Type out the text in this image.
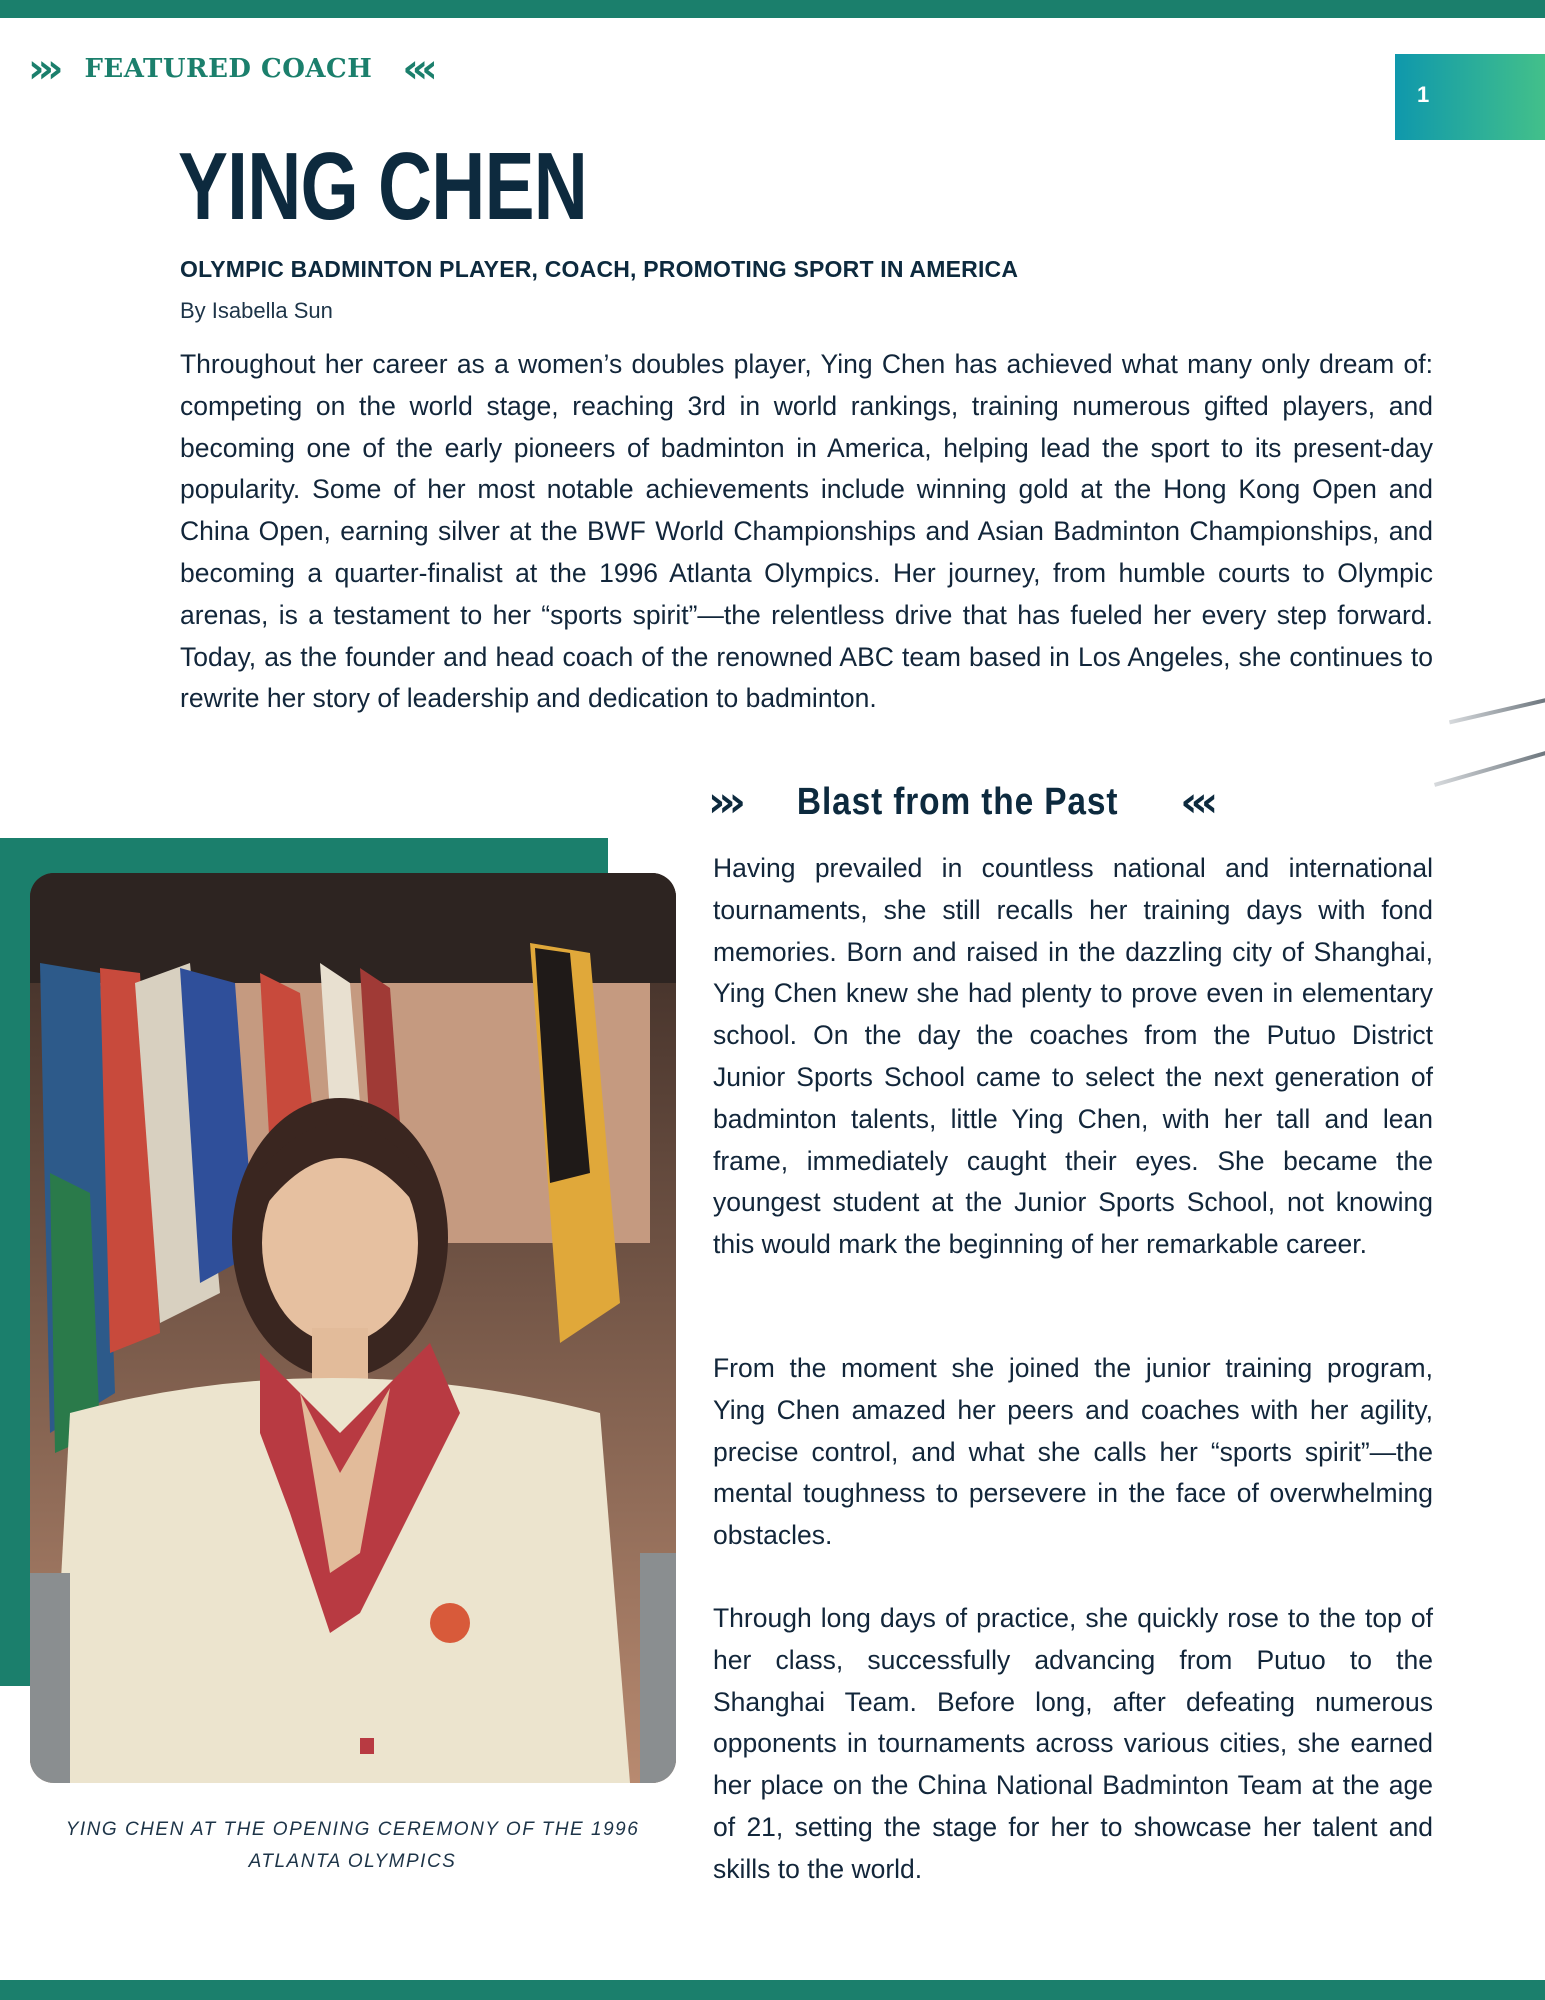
››› FEATURED COACH ‹‹‹
1
YING CHEN
OLYMPIC BADMINTON PLAYER, COACH, PROMOTING SPORT IN AMERICA
By Isabella Sun

Throughout her career as a women’s doubles player, Ying Chen has achieved what many only dream of: competing on the world stage, reaching 3rd in world rankings, training numerous gifted players, and becoming one of the early pioneers of badminton in America, helping lead the sport to its present-day popularity. Some of her most notable achievements include winning gold at the Hong Kong Open and China Open, earning silver at the BWF World Championships and Asian Badminton Championships, and becoming a quarter-finalist at the 1996 Atlanta Olympics. Her journey, from humble courts to Olympic arenas, is a testament to her “sports spirit”—the relentless drive that has fueled her every step forward. Today, as the founder and head coach of the renowned ABC team based in Los Angeles, she continues to rewrite her story of leadership and dedication to badminton.

››› Blast from the Past ‹‹‹

Having prevailed in countless national and international tournaments, she still recalls her training days with fond memories. Born and raised in the dazzling city of Shanghai, Ying Chen knew she had plenty to prove even in elementary school. On the day the coaches from the Putuo District Junior Sports School came to select the next generation of badminton talents, little Ying Chen, with her tall and lean frame, immediately caught their eyes. She became the youngest student at the Junior Sports School, not knowing this would mark the beginning of her remarkable career.

From the moment she joined the junior training program, Ying Chen amazed her peers and coaches with her agility, precise control, and what she calls her “sports spirit”—the mental toughness to persevere in the face of overwhelming obstacles.

Through long days of practice, she quickly rose to the top of her class, successfully advancing from Putuo to the Shanghai Team. Before long, after defeating numerous opponents in tournaments across various cities, she earned her place on the China National Badminton Team at the age of 21, setting the stage for her to showcase her talent and skills to the world.

YING CHEN AT THE OPENING CEREMONY OF THE 1996 ATLANTA OLYMPICS
